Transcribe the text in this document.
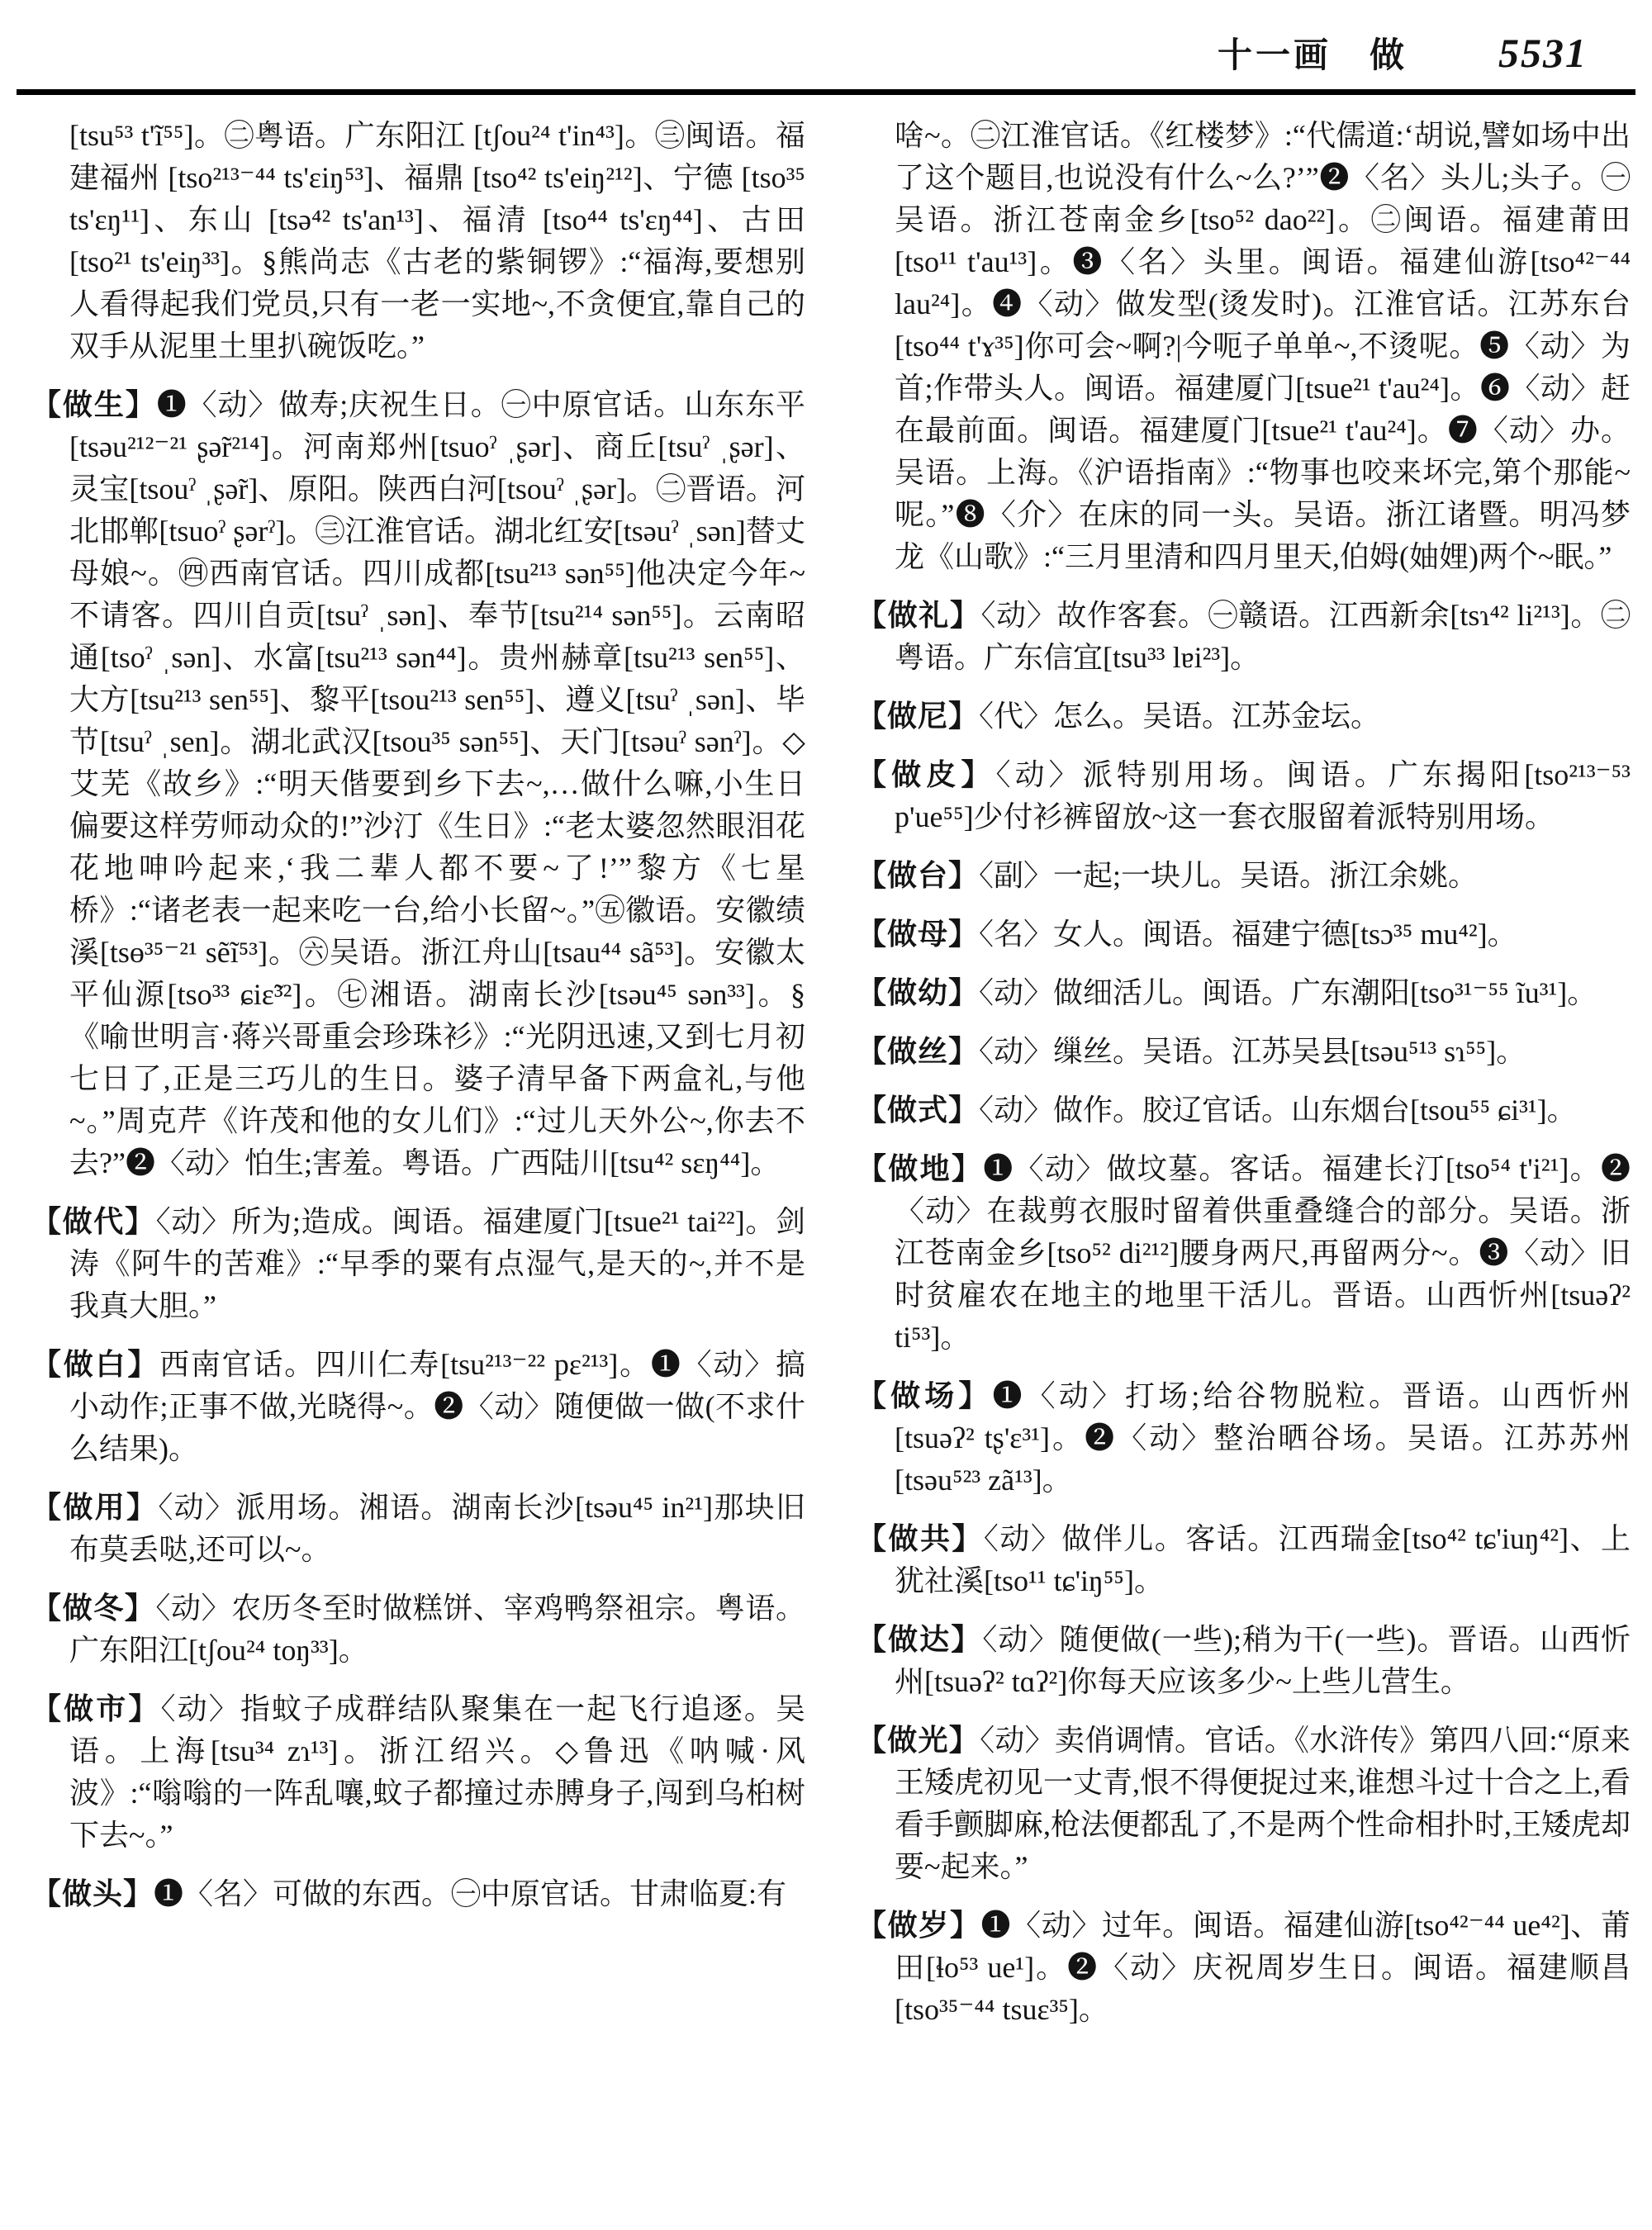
十一画 做 5531

[tsu⁵³ t'ĩ⁵⁵]。㊁粤语。广东阳江 [tʃou²⁴ t'in⁴³]。㊂闽语。福建福州 [tso²¹³⁻⁴⁴ ts'ɛiŋ⁵³]、福鼎 [tso⁴² ts'eiŋ²¹²]、宁德 [tso³⁵ ts'ɛŋ¹¹]、东山 [tsə⁴² ts'an¹³]、福清 [tso⁴⁴ ts'ɛŋ⁴⁴]、古田 [tso²¹ ts'eiŋ³³]。§熊尚志《古老的紫铜锣》:“福海,要想别人看得起我们党员,只有一老一实地~,不贪便宜,靠自己的双手从泥里土里扒碗饭吃。”

【做生】❶〈动〉做寿;庆祝生日。㊀中原官话。山东东平[tsəu²¹²⁻²¹ ʂə̃r²¹⁴]。河南郑州[tsuoˀ ˌʂər]、商丘[tsuˀ ˌʂər]、灵宝[tsouˀ ˌʂə̃r]、原阳。陕西白河[tsouˀ ˌʂər]。㊁晋语。河北邯郸[tsuoˀ ʂərˀ]。㊂江淮官话。湖北红安[tsəuˀ ˌsən]替丈母娘~。㊃西南官话。四川成都[tsu²¹³ sən⁵⁵]他决定今年~不请客。四川自贡[tsuˀ ˌsən]、奉节[tsu²¹⁴ sən⁵⁵]。云南昭通[tsoˀ ˌsən]、水富[tsu²¹³ sən⁴⁴]。贵州赫章[tsu²¹³ sen⁵⁵]、大方[tsu²¹³ sen⁵⁵]、黎平[tsou²¹³ sen⁵⁵]、遵义[tsuˀ ˌsən]、毕节[tsuˀ ˌsen]。湖北武汉[tsou³⁵ sən⁵⁵]、天门[tsəuˀ sənˀ]。◇艾芜《故乡》:“明天偕要到乡下去~,…做什么嘛,小生日偏要这样劳师动众的!”沙汀《生日》:“老太婆忽然眼泪花花地呻吟起来,‘我二辈人都不要~了!’”黎方《七星桥》:“诸老表一起来吃一台,给小长留~。”㊄徽语。安徽绩溪[tsɵ³⁵⁻²¹ sẽĩ⁵³]。㊅吴语。浙江舟山[tsau⁴⁴ sã⁵³]。安徽太平仙源[tso³³ ɕiɛ̃³²]。㊆湘语。湖南长沙[tsəu⁴⁵ sən³³]。§《喻世明言·蒋兴哥重会珍珠衫》:“光阴迅速,又到七月初七日了,正是三巧儿的生日。婆子清早备下两盒礼,与他~。”周克芹《许茂和他的女儿们》:“过儿天外公~,你去不去?”❷〈动〉怕生;害羞。粤语。广西陆川[tsu⁴² sɛŋ⁴⁴]。

【做代】〈动〉所为;造成。闽语。福建厦门[tsue²¹ tai²²]。剑涛《阿牛的苦难》:“早季的粟有点湿气,是天的~,并不是我真大胆。”

【做白】西南官话。四川仁寿[tsu²¹³⁻²² pɛ²¹³]。❶〈动〉搞小动作;正事不做,光晓得~。❷〈动〉随便做一做(不求什么结果)。

【做用】〈动〉派用场。湘语。湖南长沙[tsəu⁴⁵ in²¹]那块旧布莫丢哒,还可以~。

【做冬】〈动〉农历冬至时做糕饼、宰鸡鸭祭祖宗。粤语。广东阳江[tʃou²⁴ toŋ³³]。

【做市】〈动〉指蚊子成群结队聚集在一起飞行追逐。吴语。上海[tsu³⁴ zɿ¹³]。浙江绍兴。◇鲁迅《呐喊·风波》:“嗡嗡的一阵乱嚷,蚊子都撞过赤膊身子,闯到乌桕树下去~。”

【做头】❶〈名〉可做的东西。㊀中原官话。甘肃临夏:有

啥~。㊁江淮官话。《红楼梦》:“代儒道:‘胡说,譬如场中出了这个题目,也说没有什么~么?’”❷〈名〉头儿;头子。㊀吴语。浙江苍南金乡[tso⁵² dao²²]。㊁闽语。福建莆田[tso¹¹ t'au¹³]。❸〈名〉头里。闽语。福建仙游[tso⁴²⁻⁴⁴ lau²⁴]。❹〈动〉做发型(烫发时)。江淮官话。江苏东台[tso⁴⁴ t'ɤ³⁵]你可会~啊?|今呃子单单~,不烫呢。❺〈动〉为首;作带头人。闽语。福建厦门[tsue²¹ t'au²⁴]。❻〈动〉赶在最前面。闽语。福建厦门[tsue²¹ t'au²⁴]。❼〈动〉办。吴语。上海。《沪语指南》:“物事也咬来坏完,第个那能~呢。”❽〈介〉在床的同一头。吴语。浙江诸暨。明冯梦龙《山歌》:“三月里清和四月里天,伯姆(妯娌)两个~眠。”

【做礼】〈动〉故作客套。㊀赣语。江西新余[tsɿ⁴² li²¹³]。㊁粤语。广东信宜[tsu³³ lɐi²³]。

【做尼】〈代〉怎么。吴语。江苏金坛。

【做皮】〈动〉派特别用场。闽语。广东揭阳[tso²¹³⁻⁵³ p'ue⁵⁵]少付衫裤留放~这一套衣服留着派特别用场。

【做台】〈副〉一起;一块儿。吴语。浙江余姚。

【做母】〈名〉女人。闽语。福建宁德[tsɔ³⁵ mu⁴²]。

【做幼】〈动〉做细活儿。闽语。广东潮阳[tso³¹⁻⁵⁵ ĩu³¹]。

【做丝】〈动〉缫丝。吴语。江苏吴县[tsəu⁵¹³ sɿ⁵⁵]。

【做式】〈动〉做作。胶辽官话。山东烟台[tsou⁵⁵ ɕi³¹]。

【做地】❶〈动〉做坟墓。客话。福建长汀[tso⁵⁴ t'i²¹]。❷〈动〉在裁剪衣服时留着供重叠缝合的部分。吴语。浙江苍南金乡[tso⁵² di²¹²]腰身两尺,再留两分~。❸〈动〉旧时贫雇农在地主的地里干活儿。晋语。山西忻州[tsuəʔ² ti⁵³]。

【做场】❶〈动〉打场;给谷物脱粒。晋语。山西忻州[tsuəʔ² tʂ'ɛ³¹]。❷〈动〉整治晒谷场。吴语。江苏苏州[tsəu⁵²³ zã¹³]。

【做共】〈动〉做伴儿。客话。江西瑞金[tso⁴² tɕ'iuŋ⁴²]、上犹社溪[tso¹¹ tɕ'iŋ⁵⁵]。

【做达】〈动〉随便做(一些);稍为干(一些)。晋语。山西忻州[tsuəʔ² tɑʔ²]你每天应该多少~上些儿营生。

【做光】〈动〉卖俏调情。官话。《水浒传》第四八回:“原来王矮虎初见一丈青,恨不得便捉过来,谁想斗过十合之上,看看手颤脚麻,枪法便都乱了,不是两个性命相扑时,王矮虎却要~起来。”

【做岁】❶〈动〉过年。闽语。福建仙游[tso⁴²⁻⁴⁴ ue⁴²]、莆田[ɬo⁵³ ue¹]。❷〈动〉庆祝周岁生日。闽语。福建顺昌[tso³⁵⁻⁴⁴ tsuɛ³⁵]。
